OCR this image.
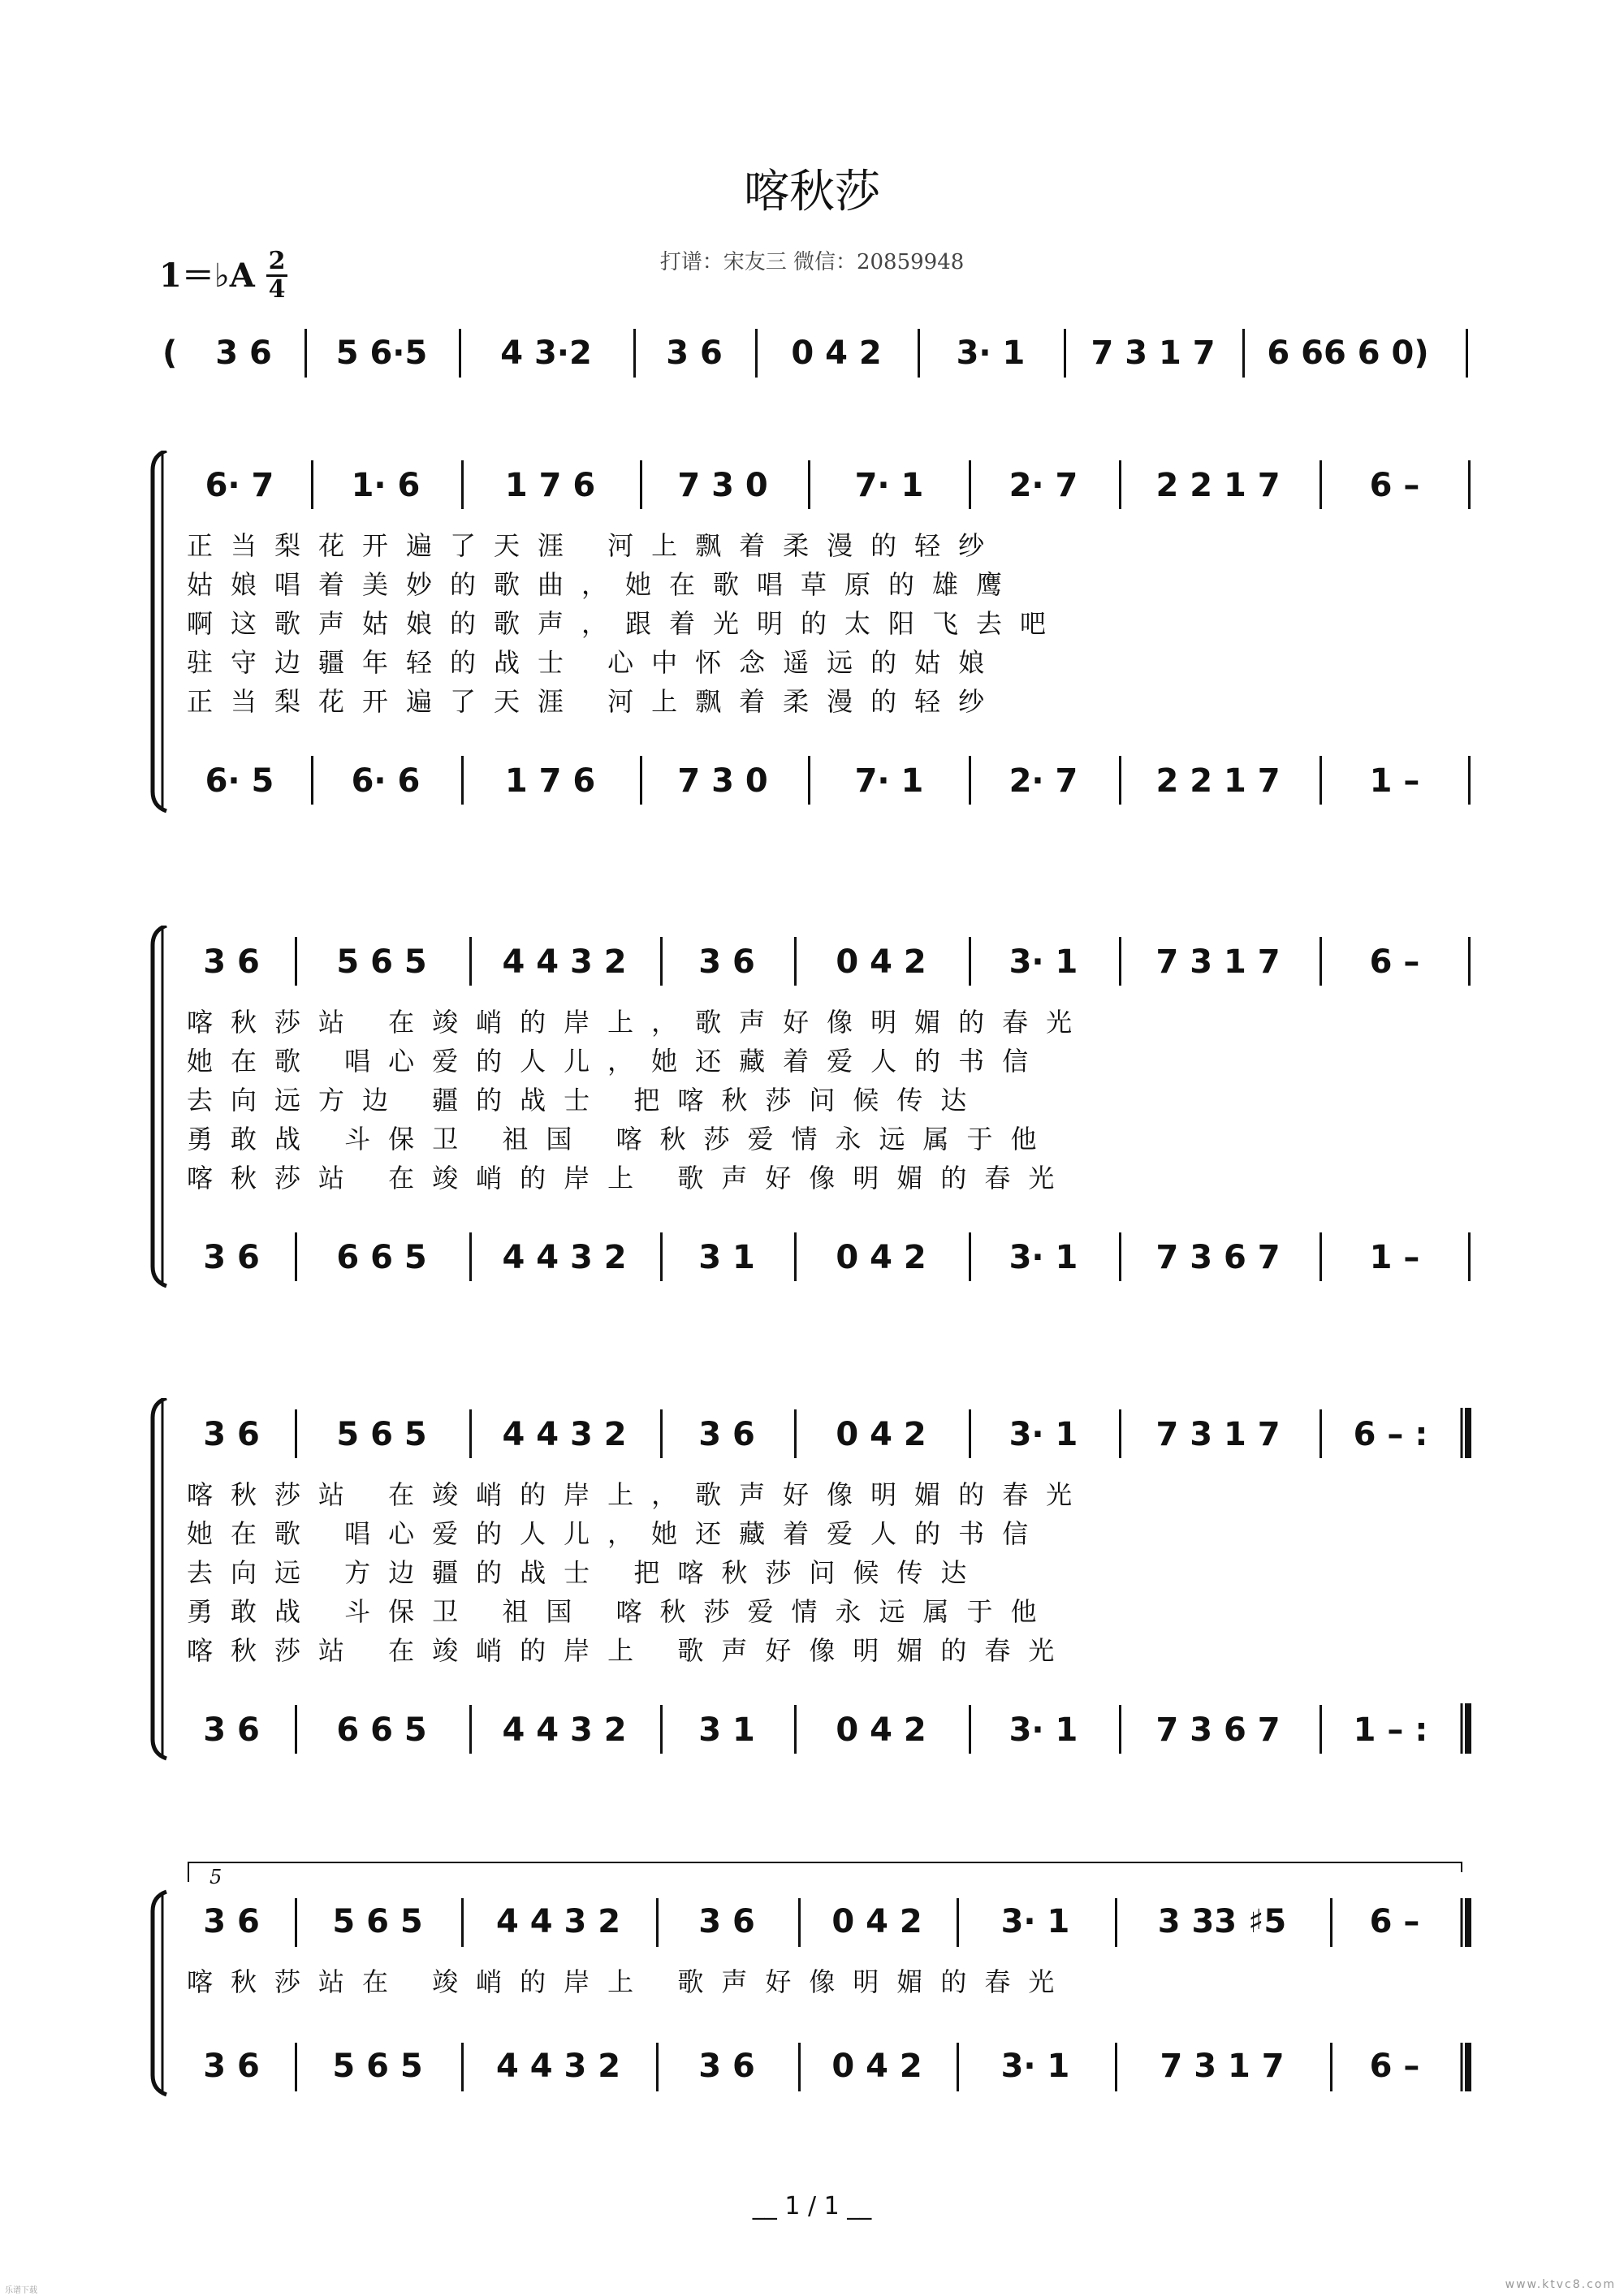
喀秋莎
打谱：宋友三 微信：20859948
1＝♭A 2
4
(	3 6	5 6·5	4 3·2	3 6	0 4 2	3· 1	7 3 1 7	6 66 6 0)
6· 7	1· 6	1 7 6	7 3 0	7· 1	2· 7	2 2 1 7	6 –
正当梨花开遍了天涯 河上飘着柔漫的轻纱
姑娘唱着美妙的歌曲，她在歌唱草原的雄鹰
啊这歌声姑娘的歌声，跟着光明的太阳飞去吧
驻守边疆年轻的战士 心中怀念遥远的姑娘
正当梨花开遍了天涯 河上飘着柔漫的轻纱
6· 5	6· 6	1 7 6	7 3 0	7· 1	2· 7	2 2 1 7	1 –
3 6	5 6 5	4 4 3 2	3 6	0 4 2	3· 1	7 3 1 7	6 –
喀秋莎站 在竣峭的岸上，歌声好像明媚的春光
她在歌 唱心爱的人儿，她还藏着爱人的书信
去向远方边 疆的战士 把喀秋莎问候传达
勇敢战 斗保卫 祖国 喀秋莎爱情永远属于他
喀秋莎站 在竣峭的岸上 歌声好像明媚的春光
3 6	6 6 5	4 4 3 2	3 1	0 4 2	3· 1	7 3 6 7	1 –
3 6	5 6 5	4 4 3 2	3 6	0 4 2	3· 1	7 3 1 7	6 – :
喀秋莎站 在竣峭的岸上，歌声好像明媚的春光
她在歌 唱心爱的人儿，她还藏着爱人的书信
去向远 方边疆的战士 把喀秋莎问候传达
勇敢战 斗保卫 祖国 喀秋莎爱情永远属于他
喀秋莎站 在竣峭的岸上 歌声好像明媚的春光
3 6	6 6 5	4 4 3 2	3 1	0 4 2	3· 1	7 3 6 7	1 – :
5
3 6	5 6 5	4 4 3 2	3 6	0 4 2	3· 1	3 33 ♯5	6 –
喀秋莎站在 竣峭的岸上 歌声好像明媚的春光
3 6	5 6 5	4 4 3 2	3 6	0 4 2	3· 1	7 3 1 7	6 –
__ 1 / 1 __
乐谱下载	www.ktvc8.com
